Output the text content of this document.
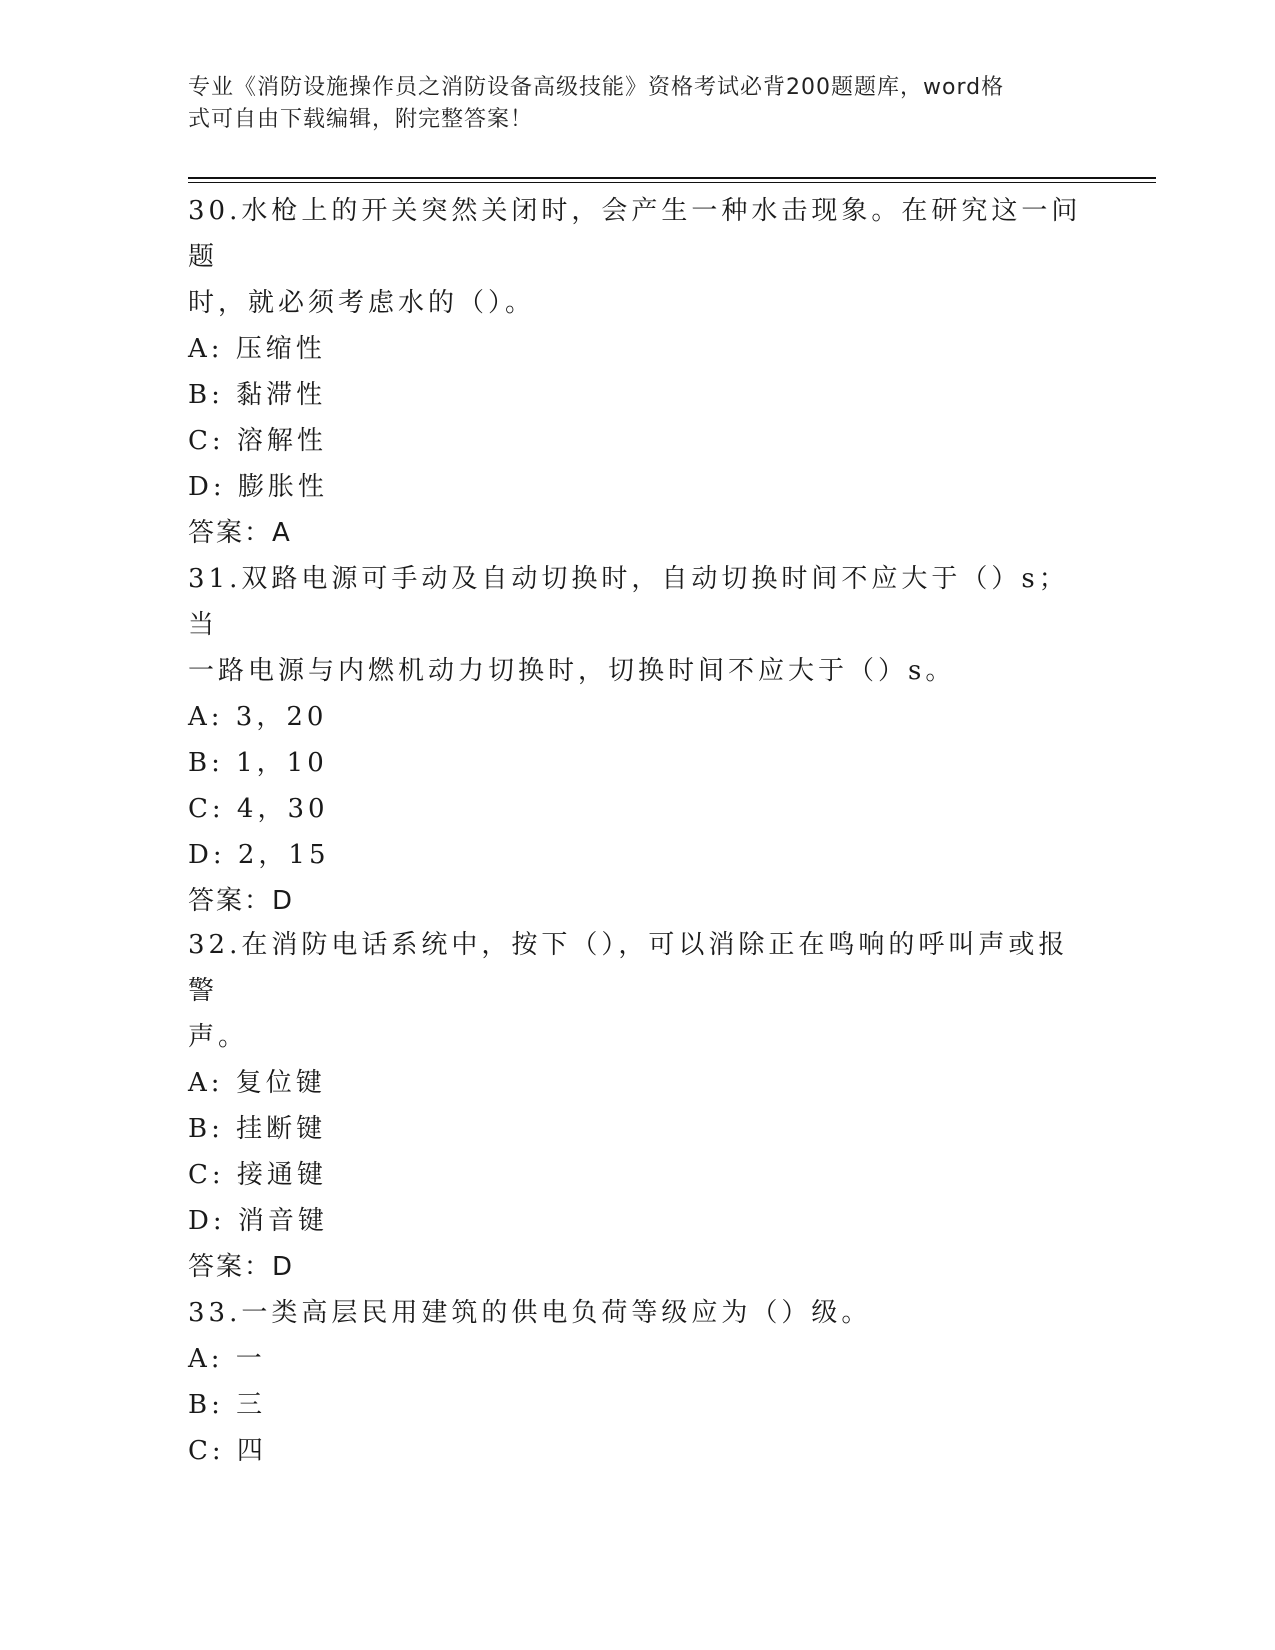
专业《消防设施操作员之消防设备高级技能》资格考试必背200题题库，word格
式可自由下载编辑，附完整答案！

30.水枪上的开关突然关闭时，会产生一种水击现象。在研究这一问题

时，就必须考虑水的（）。

A: 压缩性

B: 黏滞性

C: 溶解性

D: 膨胀性

答案：A

31.双路电源可手动及自动切换时，自动切换时间不应大于（）s；当

一路电源与内燃机动力切换时，切换时间不应大于（）s。

A: 3，20

B: 1，10

C: 4，30

D: 2，15

答案：D

32.在消防电话系统中，按下（），可以消除正在鸣响的呼叫声或报警

声。

A: 复位键

B: 挂断键

C: 接通键

D: 消音键

答案：D

33.一类高层民用建筑的供电负荷等级应为（）级。

A: 一

B: 三

C: 四
